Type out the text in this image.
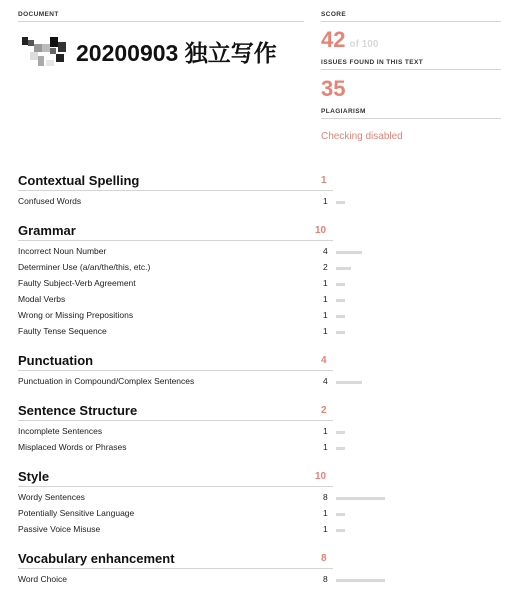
DOCUMENT
20200903 独立写作
SCORE
42 of 100
ISSUES FOUND IN THIS TEXT
35
PLAGIARISM
Checking disabled
Contextual Spelling	1
Confused Words	1
Grammar	10
Incorrect Noun Number	4
Determiner Use (a/an/the/this, etc.)	2
Faulty Subject-Verb Agreement	1
Modal Verbs	1
Wrong or Missing Prepositions	1
Faulty Tense Sequence	1
Punctuation	4
Punctuation in Compound/Complex Sentences	4
Sentence Structure	2
Incomplete Sentences	1
Misplaced Words or Phrases	1
Style	10
Wordy Sentences	8
Potentially Sensitive Language	1
Passive Voice Misuse	1
Vocabulary enhancement	8
Word Choice	8
